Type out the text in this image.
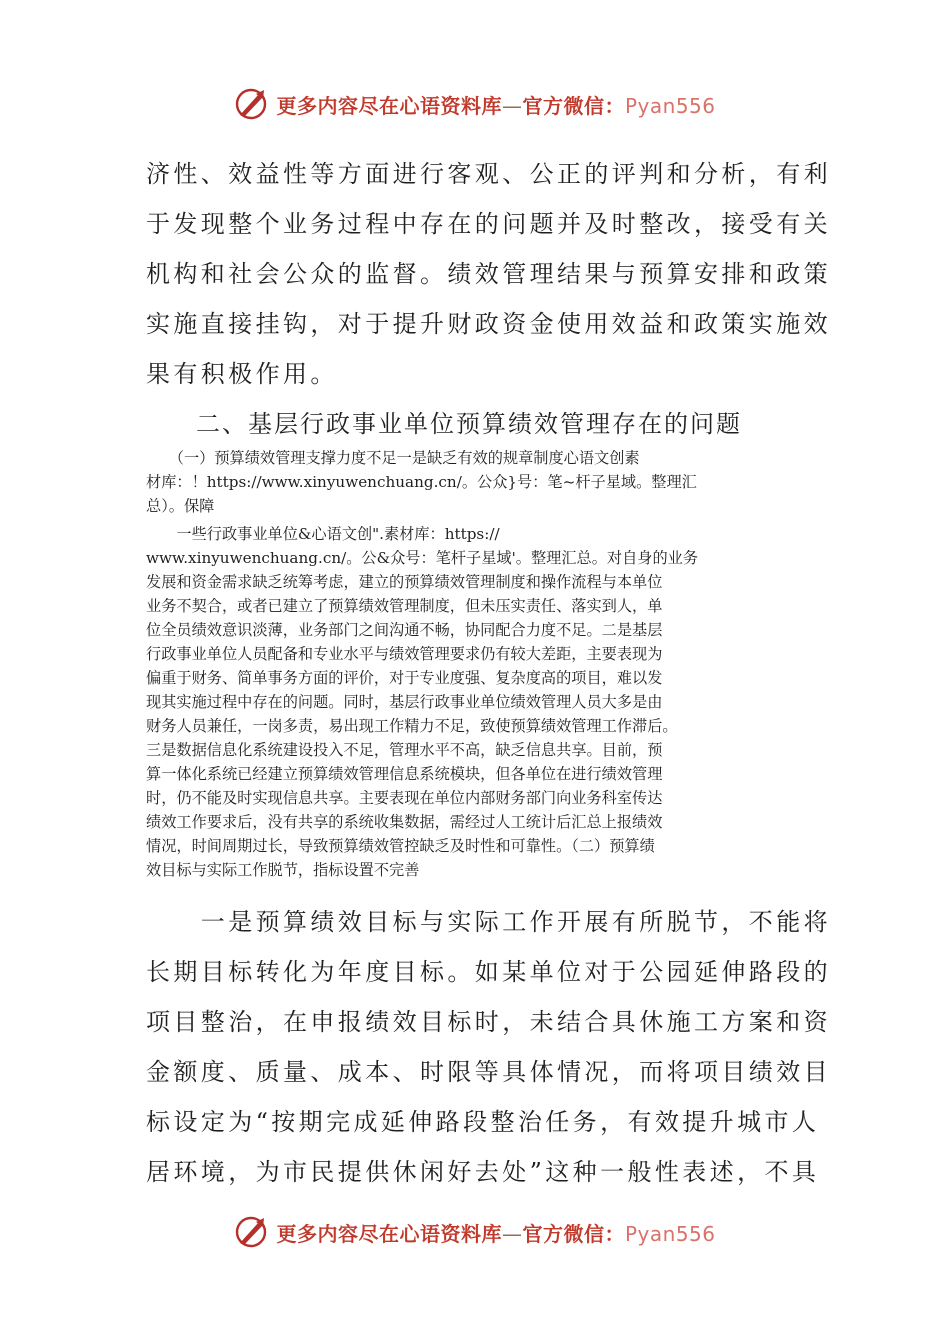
更多内容尽在心语资料库—官方微信：Pyan556
济性、效益性等方面进行客观、公正的评判和分析，有利
于发现整个业务过程中存在的问题并及时整改，接受有关
机构和社会公众的监督。绩效管理结果与预算安排和政策
实施直接挂钩，对于提升财政资金使用效益和政策实施效
果有积极作用。
二、基层行政事业单位预算绩效管理存在的问题
　　（一）预算绩效管理支撑力度不足一是缺乏有效的规章制度心语文创素
材库：！https://www.xinyuwenchuang.cn/。公众}号：笔~杆子星域。整理汇
总）。保障
　　一些行政事业单位&心语文创".素材库：https://
www.xinyuwenchuang.cn/。公&众号：笔杆子星域'。整理汇总。对自身的业务
发展和资金需求缺乏统筹考虑，建立的预算绩效管理制度和操作流程与本单位
业务不契合，或者已建立了预算绩效管理制度，但未压实责任、落实到人，单
位全员绩效意识淡薄，业务部门之间沟通不畅，协同配合力度不足。二是基层
行政事业单位人员配备和专业水平与绩效管理要求仍有较大差距，主要表现为
偏重于财务、简单事务方面的评价，对于专业度强、复杂度高的项目，难以发
现其实施过程中存在的问题。同时，基层行政事业单位绩效管理人员大多是由
财务人员兼任，一岗多责，易出现工作精力不足，致使预算绩效管理工作滞后。
三是数据信息化系统建设投入不足，管理水平不高，缺乏信息共享。目前，预
算一体化系统已经建立预算绩效管理信息系统模块，但各单位在进行绩效管理
时，仍不能及时实现信息共享。主要表现在单位内部财务部门向业务科室传达
绩效工作要求后，没有共享的系统收集数据，需经过人工统计后汇总上报绩效
情况，时间周期过长，导致预算绩效管控缺乏及时性和可靠性。（二）预算绩
效目标与实际工作脱节，指标设置不完善
　　一是预算绩效目标与实际工作开展有所脱节，不能将
长期目标转化为年度目标。如某单位对于公园延伸路段的
项目整治，在申报绩效目标时，未结合具休施工方案和资
金额度、质量、成本、时限等具体情况，而将项目绩效目
标设定为“按期完成延伸路段整治任务，有效提升城市人
居环境，为市民提供休闲好去处”这种一般性表述，不具
更多内容尽在心语资料库—官方微信：Pyan556
